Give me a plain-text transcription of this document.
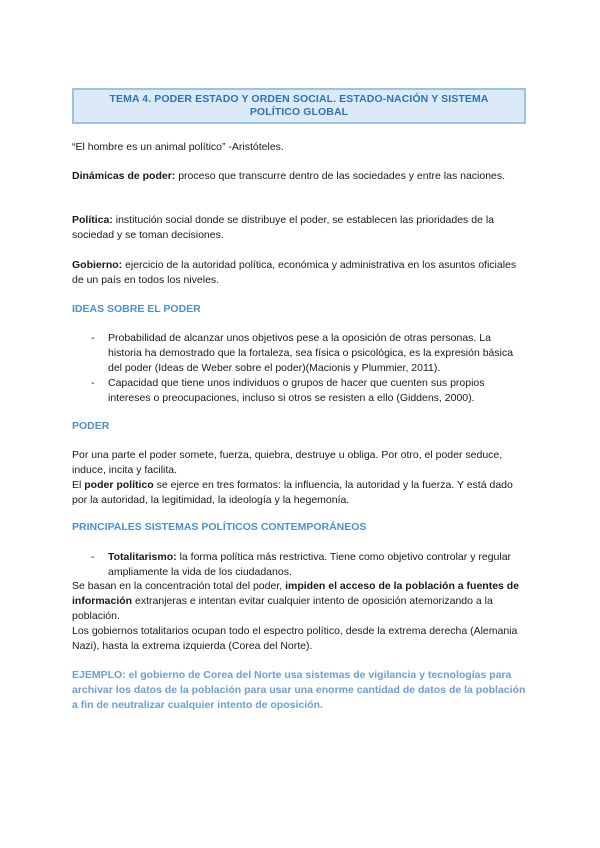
TEMA 4. PODER ESTADO Y ORDEN SOCIAL. ESTADO-NACIÓN Y SISTEMA POLÍTICO GLOBAL
“El hombre es un animal político” -Aristóteles.
Dinámicas de poder: proceso que transcurre dentro de las sociedades y entre las naciones.
Política: institución social donde se distribuye el poder, se establecen las prioridades de la sociedad y se toman decisiones.
Gobierno: ejercicio de la autoridad política, económica y administrativa en los asuntos oficiales de un país en todos los niveles.
IDEAS SOBRE EL PODER
- Probabilidad de alcanzar unos objetivos pese a la oposición de otras personas. La historia ha demostrado que la fortaleza, sea física o psicológica, es la expresión básica del poder (Ideas de Weber sobre el poder)(Macionis y Plummier, 2011).
- Capacidad que tiene unos individuos o grupos de hacer que cuenten sus propios intereses o preocupaciones, incluso si otros se resisten a ello (Giddens, 2000).
PODER
Por una parte el poder somete, fuerza, quiebra, destruye u obliga. Por otro, el poder seduce, induce, incita y facilita.
El poder político se ejerce en tres formatos: la influencia, la autoridad y la fuerza. Y está dado por la autoridad, la legitimidad, la ideología y la hegemonía.
PRINCIPALES SISTEMAS POLÍTICOS CONTEMPORÁNEOS
- Totalitarismo: la forma política más restrictiva. Tiene como objetivo controlar y regular ampliamente la vida de los ciudadanos.
Se basan en la concentración total del poder, impiden el acceso de la población a fuentes de información extranjeras e intentan evitar cualquier intento de oposición atemorizando a la población.
Los gobiernos totalitarios ocupan todo el espectro político, desde la extrema derecha (Alemania Nazi), hasta la extrema izquierda (Corea del Norte).
EJEMPLO: el gobierno de Corea del Norte usa sistemas de vigilancia y tecnologías para archivar los datos de la población para usar una enorme cantidad de datos de la población a fin de neutralizar cualquier intento de oposición.
